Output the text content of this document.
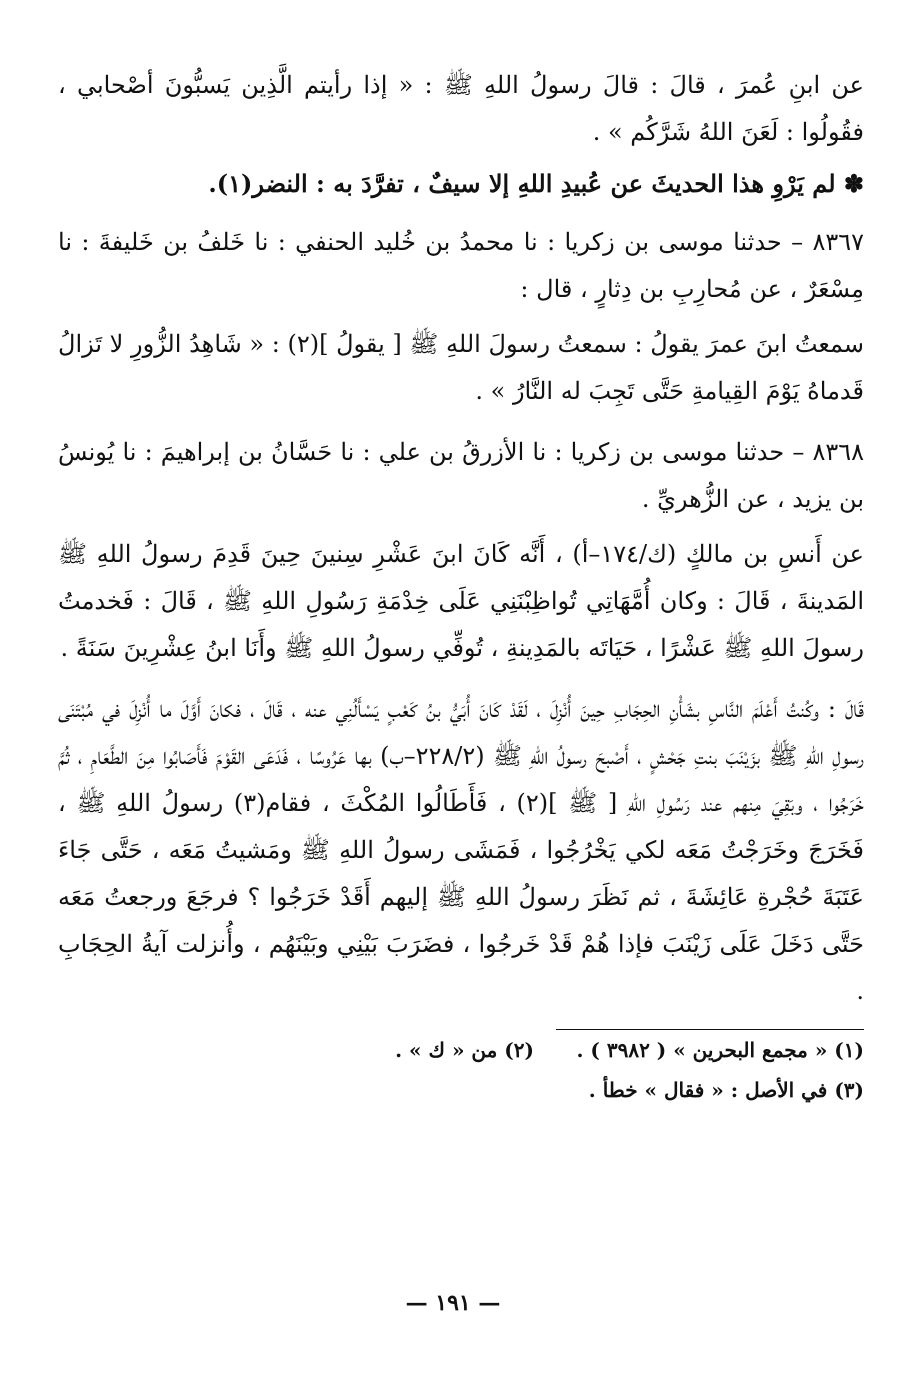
عن ابنِ عُمرَ ، قالَ : قالَ رسولُ اللهِ ﷺ : « إذا رأيتم الَّذِين يَسبُّونَ أصْحابي ، فقُولُوا : لَعَنَ اللهُ شَرَّكُم » .

✽ لم يَرْوِ هذا الحديثَ عن عُبيدِ اللهِ إلا سيفٌ ، تفرَّدَ به : النضر(١).

٨٣٦٧ – حدثنا موسى بن زكريا : نا محمدُ بن خُليد الحنفي : نا خَلفُ بن خَليفةَ : نا مِسْعَرٌ ، عن مُحارِبِ بن دِثارٍ ، قال :

سمعتُ ابنَ عمرَ يقولُ : سمعتُ رسولَ اللهِ ﷺ [ يقولُ ](٢) : « شَاهِدُ الزُّورِ لا تَزالُ قَدماهُ يَوْمَ القِيامةِ حَتَّى تَجِبَ له النَّارُ » .

٨٣٦٨ – حدثنا موسى بن زكريا : نا الأزرقُ بن علي : نا حَسَّانُ بن إبراهيمَ : نا يُونسُ بن يزيد ، عن الزُّهريِّ .

عن أَنسِ بن مالكٍ (ك/١٧٤–أ) ، أَنَّه كَانَ ابنَ عَشْرِ سِنينَ حِينَ قَدِمَ رسولُ اللهِ ﷺ المَدينةَ ، قَالَ : وكان أُمَّهَاتِي تُواظِبْنَنِي عَلَى خِدْمَةِ رَسُولِ اللهِ ﷺ ، قَالَ : فَخدمتُ رسولَ اللهِ ﷺ عَشْرًا ، حَيَاتَه بالمَدِينةِ ، تُوفِّي رسولُ اللهِ ﷺ وأَنَا ابنُ عِشْرِينَ سَنَةً .

قَالَ : وكُنتُ أَعْلَمَ النَّاسِ بشَأْنِ الحِجَابِ حِينَ أُنْزِلَ ، لَقَدْ كَانَ أُبَيُّ بنُ كَعْبٍ يَسْأَلُنِي عنه ، قَالَ ، فكانَ أَوَّلَ ما أُنْزِلَ في مُبْتَنَى رسولِ اللهِ ﷺ بزَيْنَبَ بنتِ جَحْشٍ ، أَصْبحَ رسولُ اللهِ ﷺ (٢٢٨/٢–ب) بها عَرُوسًا ، فَدَعَى القَوْمَ فَأَصَابُوا مِنَ الطَّعَامِ ، ثُمَّ خَرَجُوا ، وبَقِيَ مِنهم عند رَسُولِ اللهِ [ ﷺ ](٢) ، فَأَطَالُوا المُكْثَ ، فقام(٣) رسولُ اللهِ ﷺ ، فَخَرَجَ وخَرَجْتُ مَعَه لكي يَخْرُجُوا ، فَمَشَى رسولُ اللهِ ﷺ ومَشيتُ مَعَه ، حَتَّى جَاءَ عَتَبَةَ حُجْرةِ عَائِشَةَ ، ثم نَظَرَ رسولُ اللهِ ﷺ إليهم أَقَدْ خَرَجُوا ؟ فرجَعَ ورجعتُ مَعَه حَتَّى دَخَلَ عَلَى زَيْنَبَ فإذا هُمْ قَدْ خَرجُوا ، فضَرَبَ بَيْنِي وبَيْنَهُم ، وأُنزلت آيةُ الحِجَابِ .

(١) « مجمع البحرين » ( ٣٩٨٢ ) .
(٢) من « ك » .
(٣) في الأصل : « فقال » خطأ .
— ١٩١ —
